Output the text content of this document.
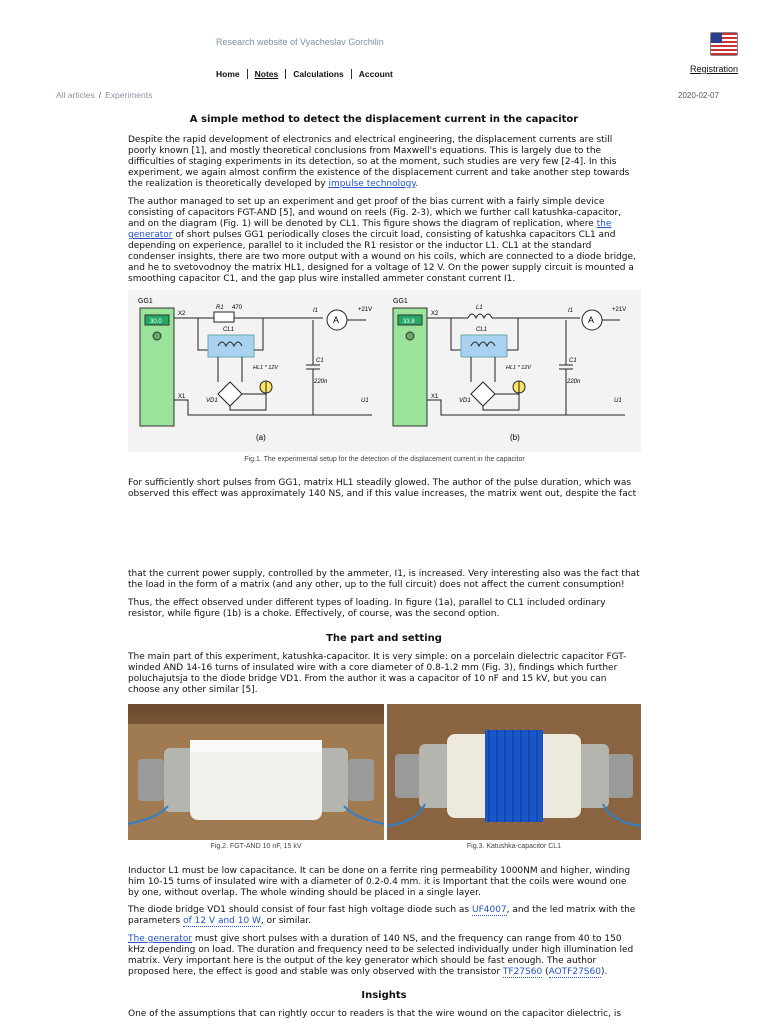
Research website of Vyacheslav Gorchilin
Registration
Home Notes Calculations Account
All articles / Experiments	2020-02-07
A simple method to detect the displacement current in the capacitor
Despite the rapid development of electronics and electrical engineering, the displacement currents are still poorly known [1], and mostly theoretical conclusions from Maxwell's equations. This is largely due to the difficulties of staging experiments in its detection, so at the moment, such studies are very few [2-4]. In this experiment, we again almost confirm the existence of the displacement current and take another step towards the realization is theoretically developed by impulse technology.
The author managed to set up an experiment and get proof of the bias current with a fairly simple device consisting of capacitors FGT-AND [5], and wound on reels (Fig. 2-3), which we further call katushka-capacitor, and on the diagram (Fig. 1) will be denoted by CL1. This figure shows the diagram of replication, where the generator of short pulses GG1 periodically closes the circuit load, consisting of katushka capacitors CL1 and depending on experience, parallel to it included the R1 resistor or the inductor L1. CL1 at the standard condenser insights, there are two more output with a wound on his coils, which are connected to a diode bridge, and he to svetovodnoy the matrix HL1, designed for a voltage of 12 V. On the power supply circuit is mounted a smoothing capacitor C1, and the gap plus wire installed ammeter constant current I1.
GG1
30.0
X2
X1
R1 470
CL1
I1
A
+21V
C1
220n
HL1 * 12V
VD1	U1
(a)
GG1
33.8
X2
X1
L1
CL1
I1
A
+21V
C1
220n
HL1 * 12V
VD1	U1
(b)
Fig.1. The experimental setup for the detection of the displacement current in the capacitor
For sufficiently short pulses from GG1, matrix HL1 steadily glowed. The author of the pulse duration, which was observed this effect was approximately 140 NS, and if this value increases, the matrix went out, despite the fact
that the current power supply, controlled by the ammeter, I1, is increased. Very interesting also was the fact that the load in the form of a matrix (and any other, up to the full circuit) does not affect the current consumption!
Thus, the effect observed under different types of loading. In figure (1a), parallel to CL1 included ordinary resistor, while figure (1b) is a choke. Effectively, of course, was the second option.
The part and setting
The main part of this experiment, katushka-capacitor. It is very simple: on a porcelain dielectric capacitor FGT-winded AND 14-16 turns of insulated wire with a core diameter of 0.8-1.2 mm (Fig. 3), findings which further poluchajutsja to the diode bridge VD1. From the author it was a capacitor of 10 nF and 15 kV, but you can choose any other similar [5].
Fig.2. FGT-AND 10 nF, 15 kV	Fig.3. Katushka-capacitor CL1
Inductor L1 must be low capacitance. It can be done on a ferrite ring permeability 1000NM and higher, winding him 10-15 turns of insulated wire with a diameter of 0.2-0.4 mm. it is Important that the coils were wound one by one, without overlap. The whole winding should be placed in a single layer.
The diode bridge VD1 should consist of four fast high voltage diode such as UF4007, and the led matrix with the parameters of 12 V and 10 W, or similar.
The generator must give short pulses with a duration of 140 NS, and the frequency can range from 40 to 150 kHz depending on load. The duration and frequency need to be selected individually under high illumination led matrix. Very important here is the output of the key generator which should be fast enough. The author proposed here, the effect is good and stable was only observed with the transistor TF27S60 (AOTF27S60).
Insights
One of the assumptions that can rightly occur to readers is that the wire wound on the capacitor dielectric, is
